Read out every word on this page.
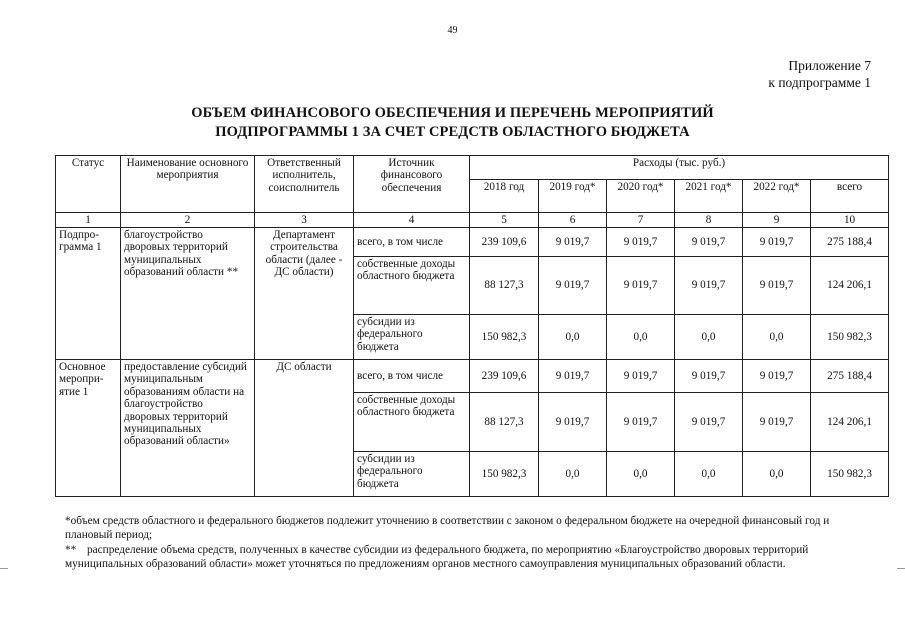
49
Приложение 7
к подпрограмме 1
ОБЪЕМ ФИНАНСОВОГО ОБЕСПЕЧЕНИЯ И ПЕРЕЧЕНЬ МЕРОПРИЯТИЙ
ПОДПРОГРАММЫ 1 ЗА СЧЕТ СРЕДСТВ ОБЛАСТНОГО БЮДЖЕТА
Статус	Наименование основного мероприятия	Ответственный исполнитель, соисполнитель	Источник финансового обеспечения	Расходы (тыс. руб.)					
				2018 год	2019 год*	2020 год*	2021 год*	2022 год*	всего
1	2	3	4	5	6	7	8	9	10
Подпро-грамма 1	благоустройство дворовых территорий муниципальных образований области **	Департамент строительства области (далее - ДС области)	всего, в том числе	239 109,6	9 019,7	9 019,7	9 019,7	9 019,7	275 188,4
			собственные доходы областного бюджета	88 127,3	9 019,7	9 019,7	9 019,7	9 019,7	124 206,1
			субсидии из федерального бюджета	150 982,3	0,0	0,0	0,0	0,0	150 982,3
Основное меропри-ятие 1	предоставление субсидий муниципальным образованиям области на благоустройство дворовых территорий муниципальных образований области»	ДС области	всего, в том числе	239 109,6	9 019,7	9 019,7	9 019,7	9 019,7	275 188,4
			собственные доходы областного бюджета	88 127,3	9 019,7	9 019,7	9 019,7	9 019,7	124 206,1
			субсидии из федерального бюджета	150 982,3	0,0	0,0	0,0	0,0	150 982,3

*объем средств областного и федерального бюджетов подлежит уточнению в соответствии с законом о федеральном бюджете на очередной финансовый год и плановый период;

** распределение объема средств, полученных в качестве субсидии из федерального бюджета, по мероприятию «Благоустройство дворовых территорий муниципальных образований области» может уточняться по предложениям органов местного самоуправления муниципальных образований области.
